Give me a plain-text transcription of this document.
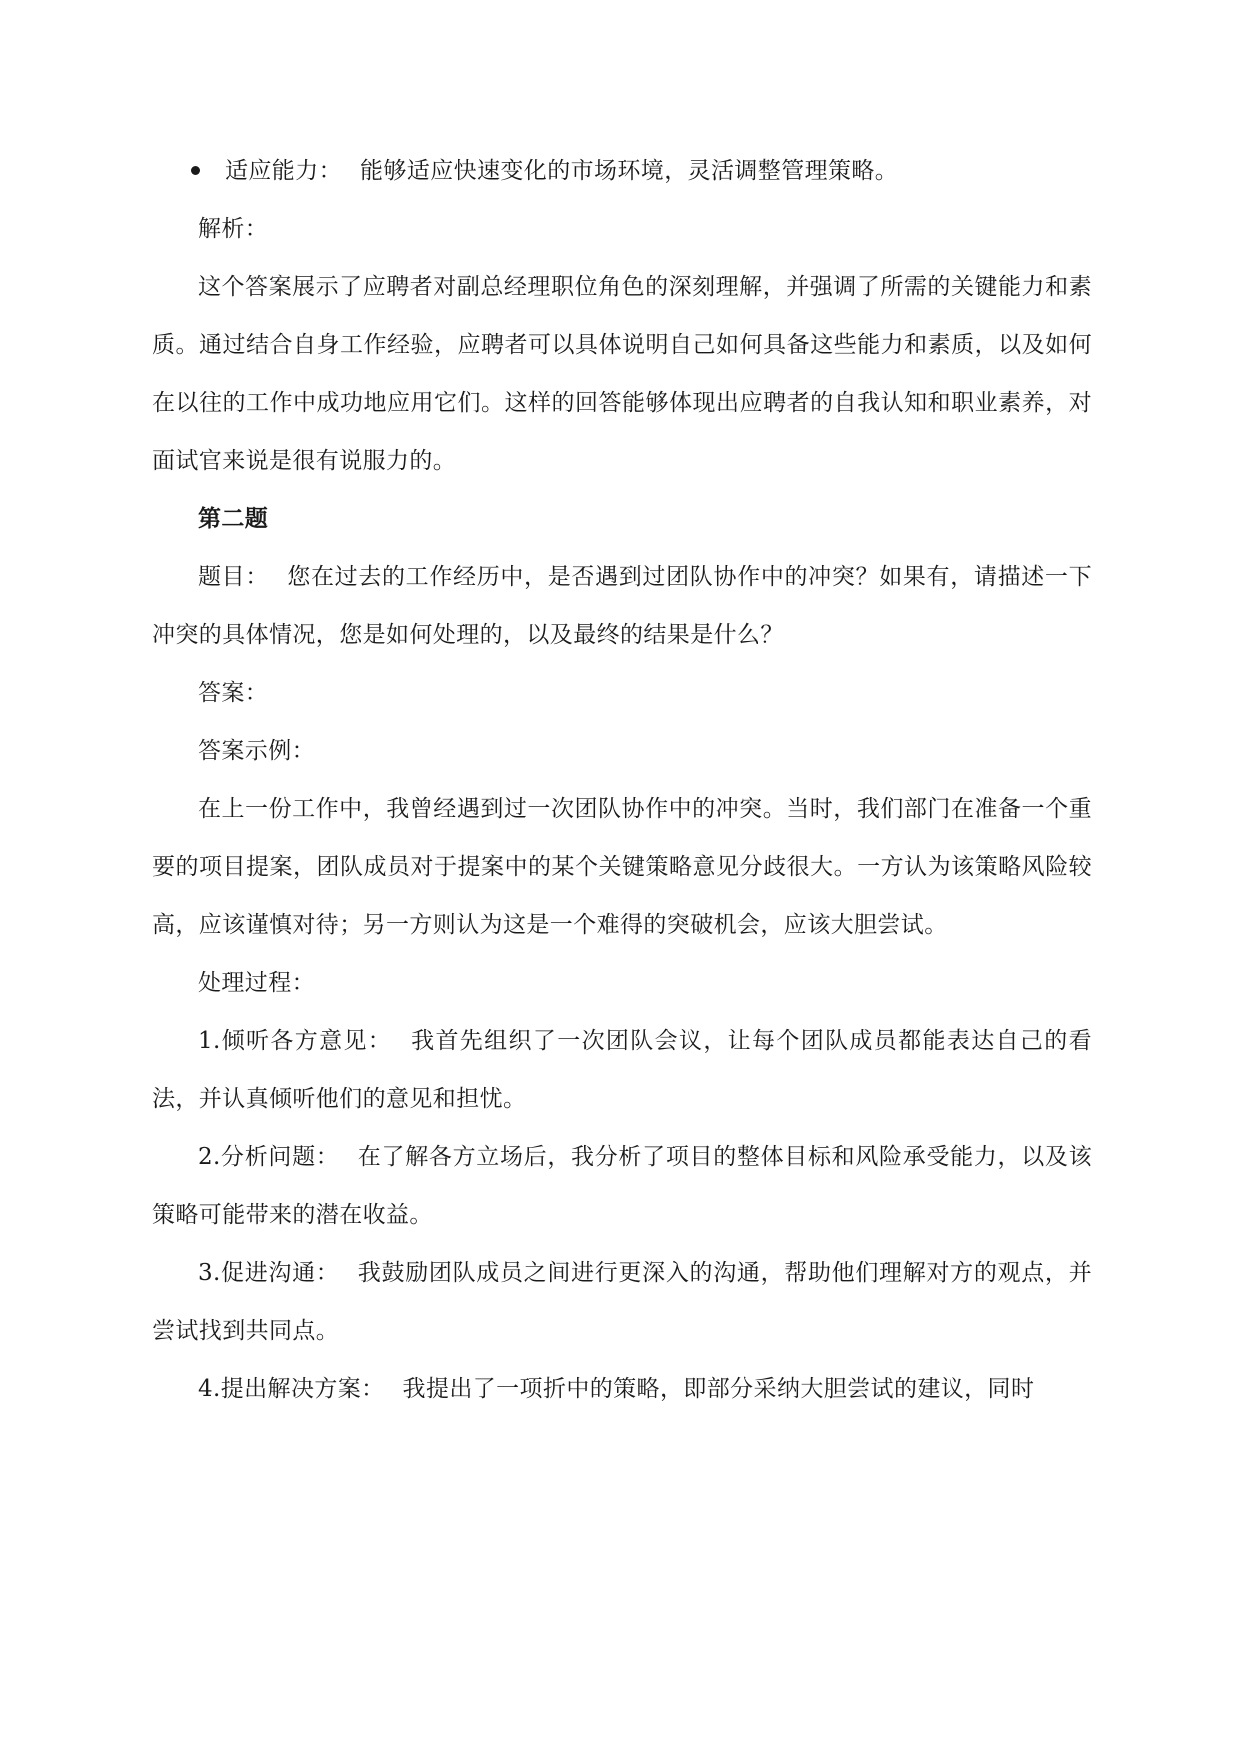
适应能力： 能够适应快速变化的市场环境，灵活调整管理策略。

解析：

这个答案展示了应聘者对副总经理职位角色的深刻理解，并强调了所需的关键能力和素质。通过结合自身工作经验，应聘者可以具体说明自己如何具备这些能力和素质，以及如何在以往的工作中成功地应用它们。这样的回答能够体现出应聘者的自我认知和职业素养，对面试官来说是很有说服力的。

第二题

题目： 您在过去的工作经历中，是否遇到过团队协作中的冲突？如果有，请描述一下冲突的具体情况，您是如何处理的，以及最终的结果是什么？

答案：

答案示例：

在上一份工作中，我曾经遇到过一次团队协作中的冲突。当时，我们部门在准备一个重要的项目提案，团队成员对于提案中的某个关键策略意见分歧很大。一方认为该策略风险较高，应该谨慎对待；另一方则认为这是一个难得的突破机会，应该大胆尝试。

处理过程：

1.倾听各方意见： 我首先组织了一次团队会议，让每个团队成员都能表达自己的看法，并认真倾听他们的意见和担忧。

2.分析问题： 在了解各方立场后，我分析了项目的整体目标和风险承受能力，以及该策略可能带来的潜在收益。

3.促进沟通： 我鼓励团队成员之间进行更深入的沟通，帮助他们理解对方的观点，并尝试找到共同点。

4.提出解决方案： 我提出了一项折中的策略，即部分采纳大胆尝试的建议，同时
